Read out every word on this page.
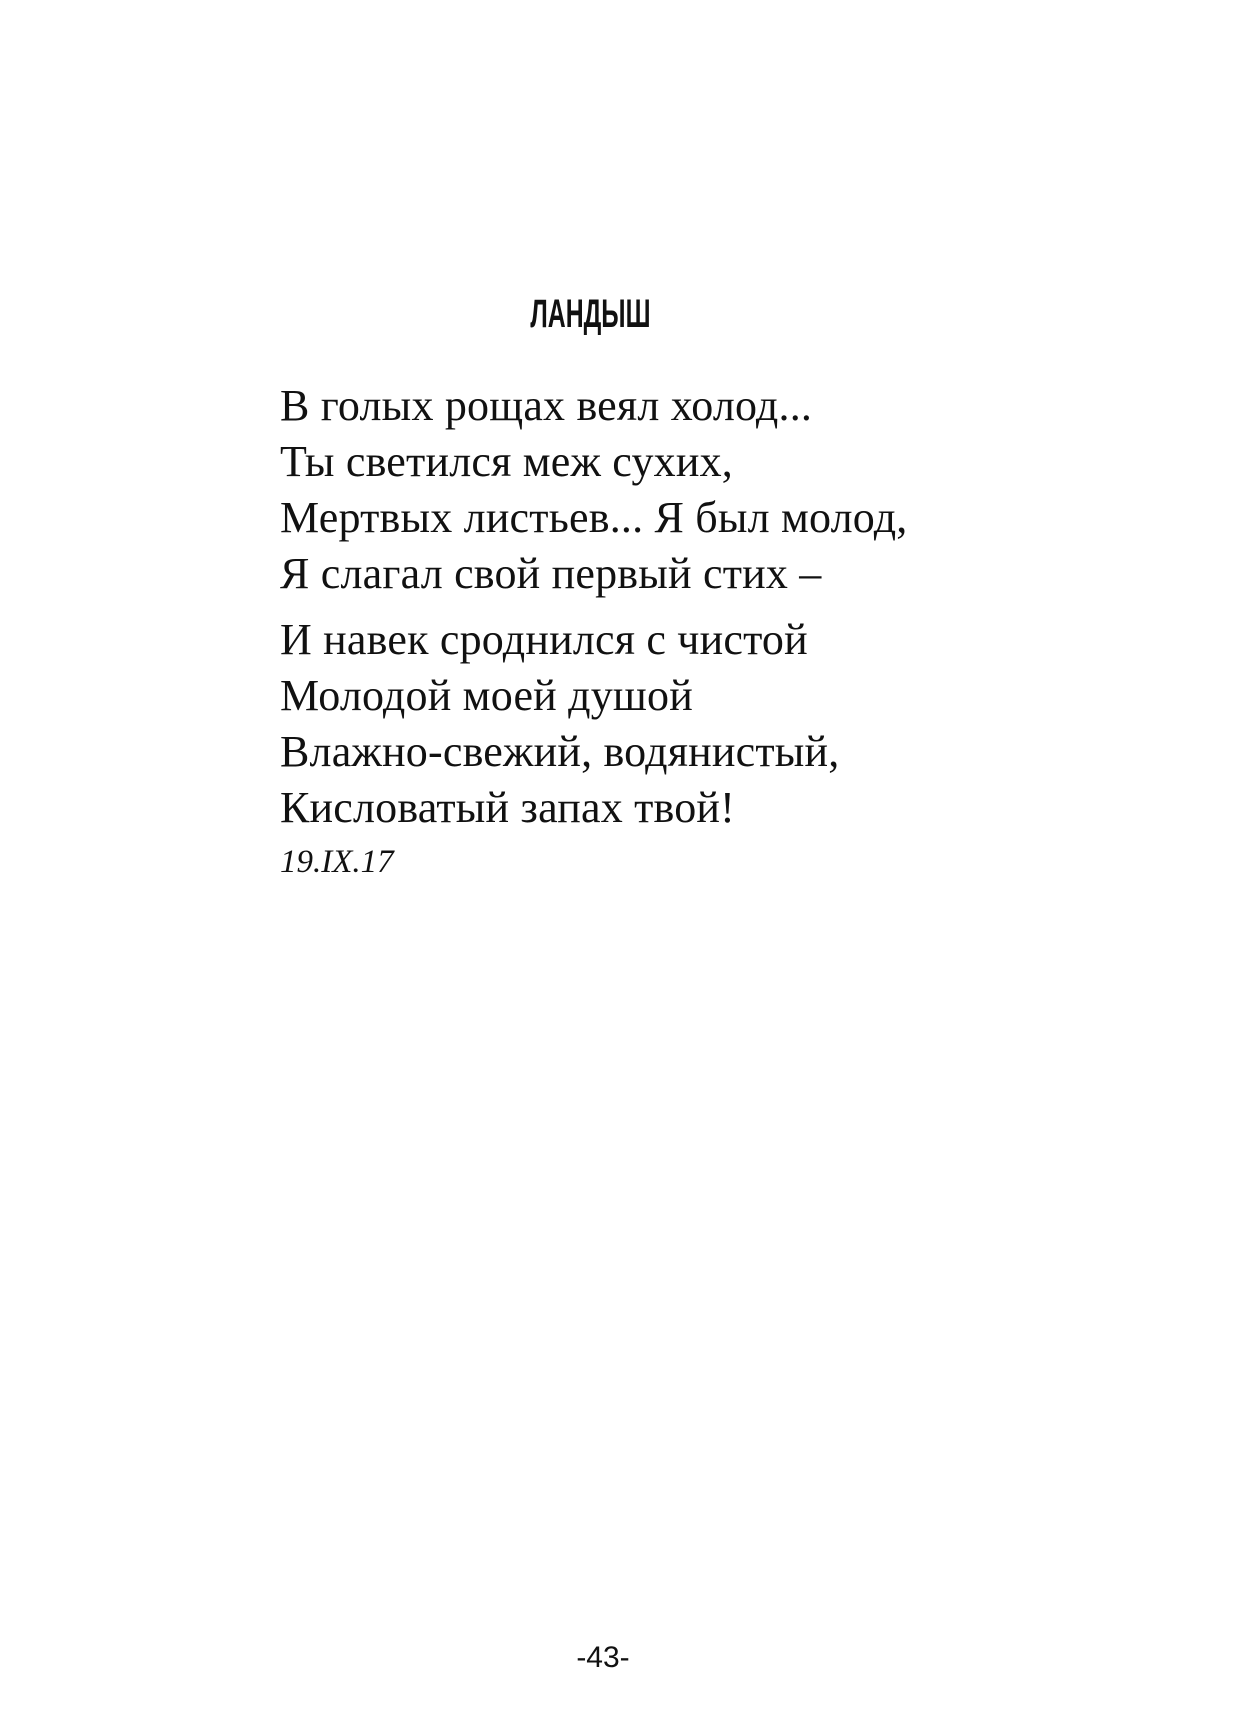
ЛАНДЫШ
В голых рощах веял холод...
Ты светился меж сухих,
Мертвых листьев... Я был молод,
Я слагал свой первый стих –
И навек сроднился с чистой
Молодой моей душой
Влажно-свежий, водянистый,
Кисловатый запах твой!
19.IX.17
-43-
